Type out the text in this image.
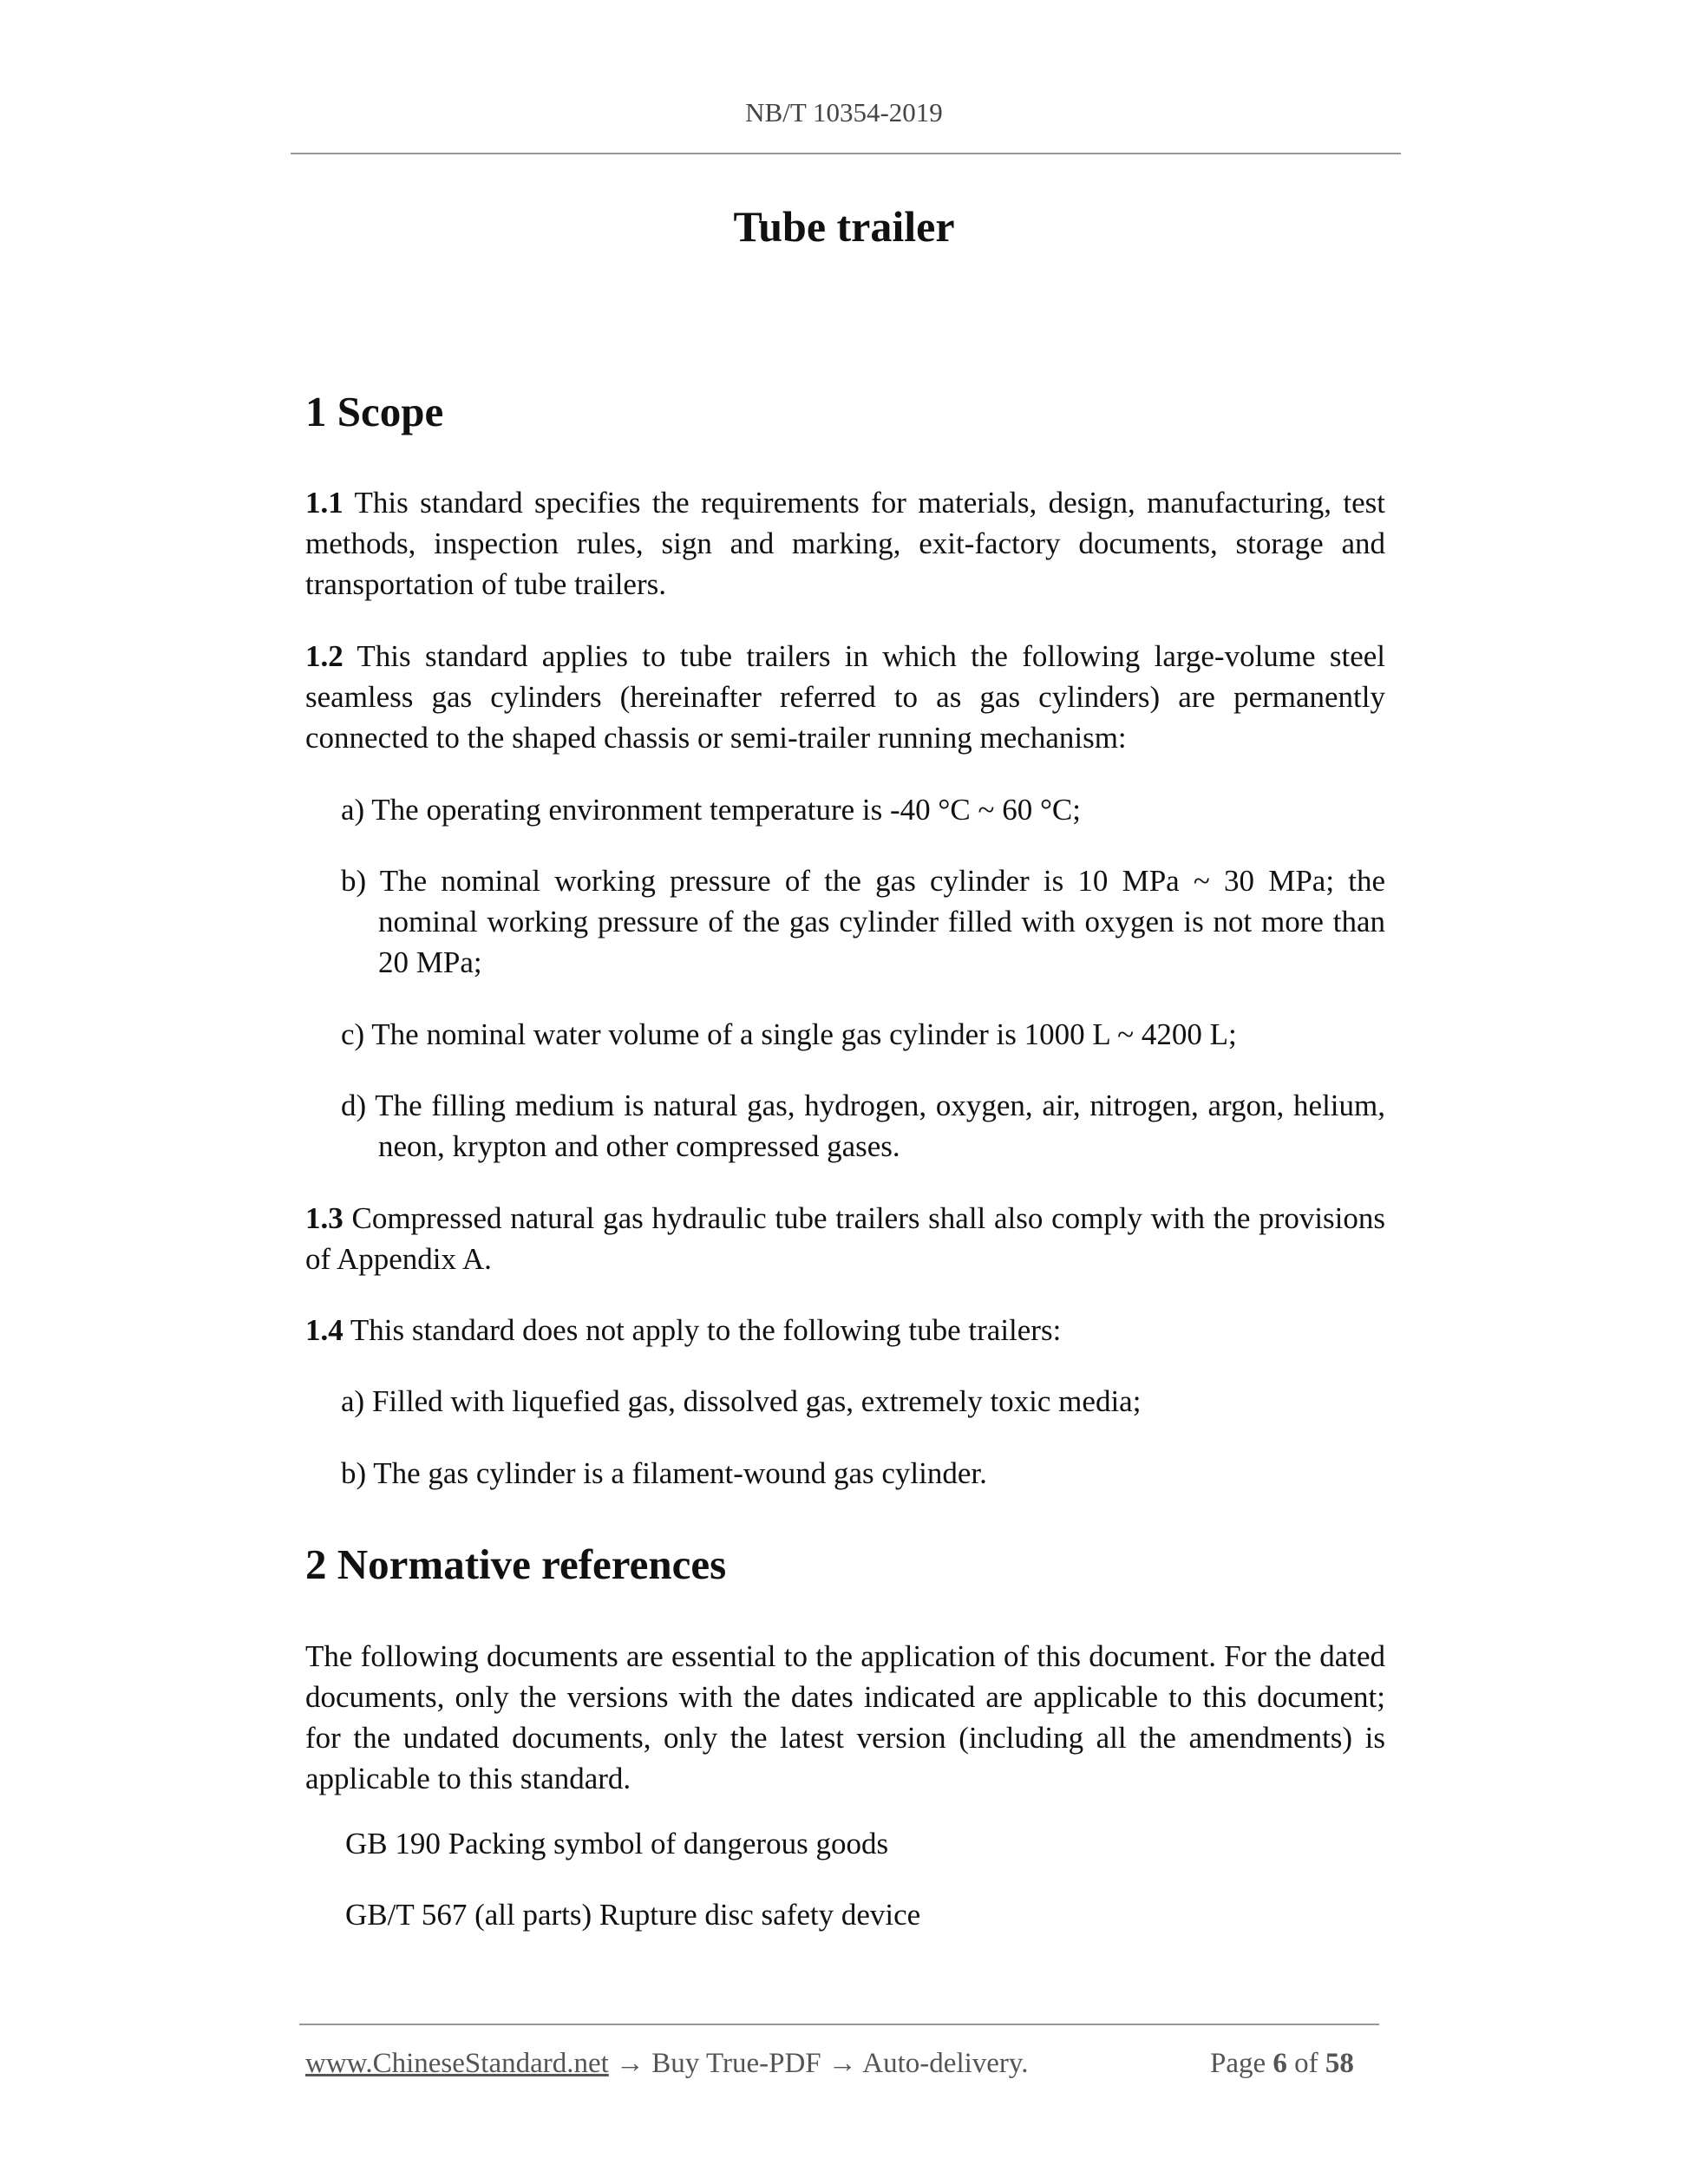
NB/T 10354-2019
Tube trailer
1 Scope
1.1 This standard specifies the requirements for materials, design, manufacturing, test methods, inspection rules, sign and marking, exit-factory documents, storage and transportation of tube trailers.
1.2 This standard applies to tube trailers in which the following large-volume steel seamless gas cylinders (hereinafter referred to as gas cylinders) are permanently connected to the shaped chassis or semi-trailer running mechanism:
a) The operating environment temperature is -40 °C ~ 60 °C;
b) The nominal working pressure of the gas cylinder is 10 MPa ~ 30 MPa; the nominal working pressure of the gas cylinder filled with oxygen is not more than 20 MPa;
c) The nominal water volume of a single gas cylinder is 1000 L ~ 4200 L;
d) The filling medium is natural gas, hydrogen, oxygen, air, nitrogen, argon, helium, neon, krypton and other compressed gases.
1.3 Compressed natural gas hydraulic tube trailers shall also comply with the provisions of Appendix A.
1.4 This standard does not apply to the following tube trailers:
a) Filled with liquefied gas, dissolved gas, extremely toxic media;
b) The gas cylinder is a filament-wound gas cylinder.
2 Normative references
The following documents are essential to the application of this document. For the dated documents, only the versions with the dates indicated are applicable to this document; for the undated documents, only the latest version (including all the amendments) is applicable to this standard.
GB 190 Packing symbol of dangerous goods
GB/T 567 (all parts) Rupture disc safety device
www.ChineseStandard.net → Buy True-PDF → Auto-delivery.	Page 6 of 58
